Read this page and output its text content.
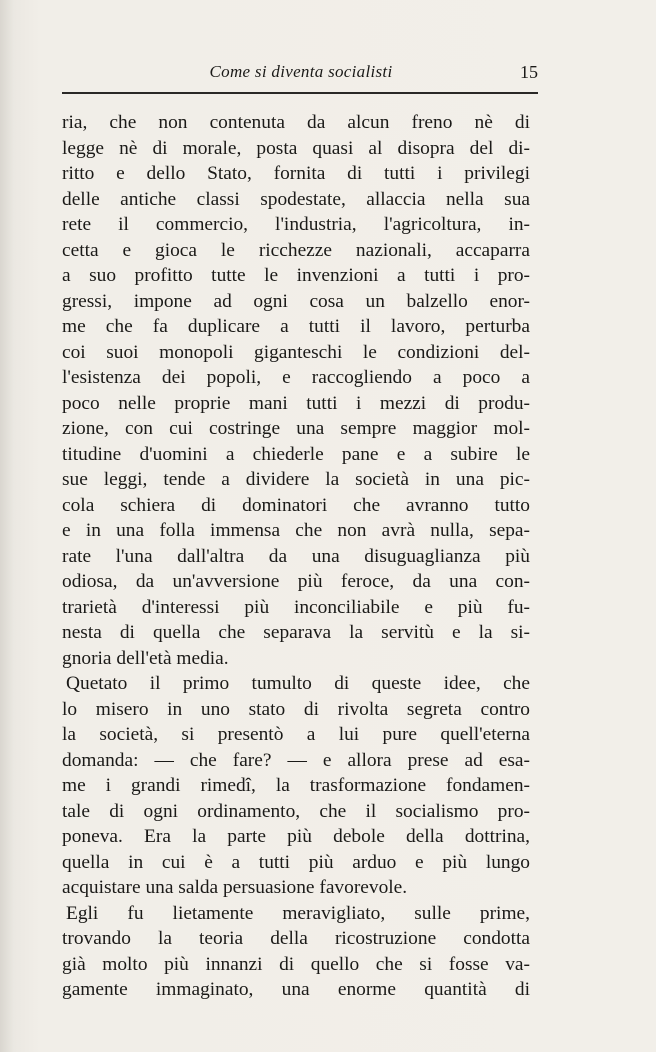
Come si diventa socialisti	15
ria, che non contenuta da alcun freno nè di
legge nè di morale, posta quasi al disopra del di-
ritto e dello Stato, fornita di tutti i privilegi
delle antiche classi spodestate, allaccia nella sua
rete il commercio, l'industria, l'agricoltura, in-
cetta e gioca le ricchezze nazionali, accaparra
a suo profitto tutte le invenzioni a tutti i pro-
gressi, impone ad ogni cosa un balzello enor-
me che fa duplicare a tutti il lavoro, perturba
coi suoi monopoli giganteschi le condizioni del-
l'esistenza dei popoli, e raccogliendo a poco a
poco nelle proprie mani tutti i mezzi di produ-
zione, con cui costringe una sempre maggior mol-
titudine d'uomini a chiederle pane e a subire le
sue leggi, tende a dividere la società in una pic-
cola schiera di dominatori che avranno tutto
e in una folla immensa che non avrà nulla, sepa-
rate l'una dall'altra da una disuguaglianza più
odiosa, da un'avversione più feroce, da una con-
trarietà d'interessi più inconciliabile e più fu-
nesta di quella che separava la servitù e la si-
gnoria dell'età media.
Quetato il primo tumulto di queste idee, che
lo misero in uno stato di rivolta segreta contro
la società, si presentò a lui pure quell'eterna
domanda: — che fare? — e allora prese ad esa-
me i grandi rimedî, la trasformazione fondamen-
tale di ogni ordinamento, che il socialismo pro-
poneva. Era la parte più debole della dottrina,
quella in cui è a tutti più arduo e più lungo
acquistare una salda persuasione favorevole.
Egli fu lietamente meravigliato, sulle prime,
trovando la teoria della ricostruzione condotta
già molto più innanzi di quello che si fosse va-
gamente immaginato, una enorme quantità di
